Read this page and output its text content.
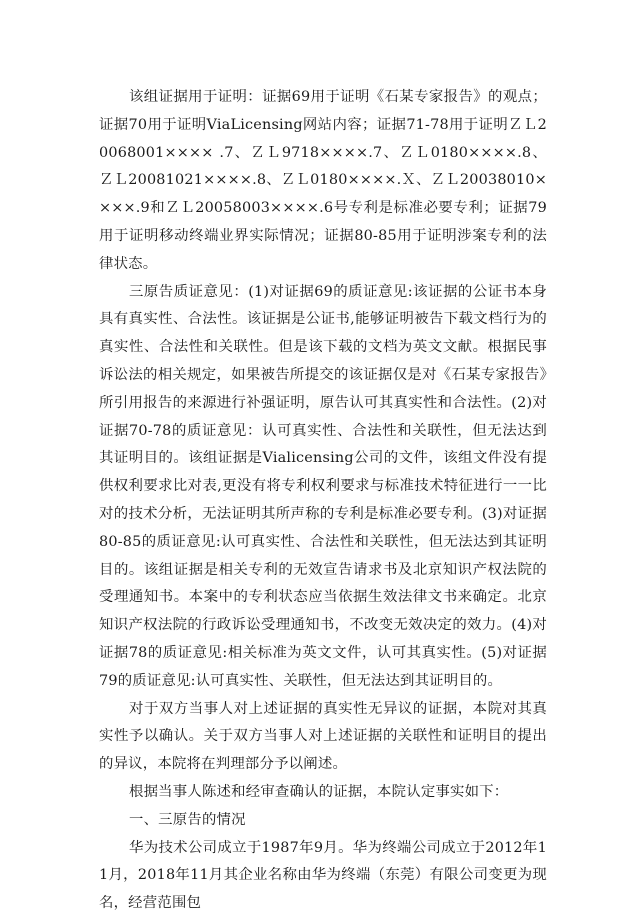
该组证据用于证明：证据69用于证明《石某专家报告》的观点；证据70用于证明ViaLicensing网站内容；证据71-78用于证明ＺＬ20068001×××× .7、ＺＬ9718××××.7、ＺＬ0180××××.8、ＺＬ20081021××××.8、ＺＬ0180××××.Ｘ、ＺＬ20038010××××.9和ＺＬ20058003××××.6号专利是标准必要专利；证据79用于证明移动终端业界实际情况；证据80-85用于证明涉案专利的法律状态。

三原告质证意见：(1)对证据69的质证意见:该证据的公证书本身具有真实性、合法性。该证据是公证书,能够证明被告下载文档行为的真实性、合法性和关联性。但是该下载的文档为英文文献。根据民事诉讼法的相关规定，如果被告所提交的该证据仅是对《石某专家报告》所引用报告的来源进行补强证明，原告认可其真实性和合法性。(2)对证据70-78的质证意见：认可真实性、合法性和关联性，但无法达到其证明目的。该组证据是Vialicensing公司的文件，该组文件没有提供权利要求比对表,更没有将专利权利要求与标准技术特征进行一一比对的技术分析，无法证明其所声称的专利是标准必要专利。(3)对证据80-85的质证意见:认可真实性、合法性和关联性，但无法达到其证明目的。该组证据是相关专利的无效宣告请求书及北京知识产权法院的受理通知书。本案中的专利状态应当依据生效法律文书来确定。北京知识产权法院的行政诉讼受理通知书，不改变无效决定的效力。(4)对证据78的质证意见:相关标准为英文文件，认可其真实性。(5)对证据79的质证意见:认可真实性、关联性，但无法达到其证明目的。

对于双方当事人对上述证据的真实性无异议的证据，本院对其真实性予以确认。关于双方当事人对上述证据的关联性和证明目的提出的异议，本院将在判理部分予以阐述。

根据当事人陈述和经审查确认的证据，本院认定事实如下：

一、三原告的情况

华为技术公司成立于1987年9月。华为终端公司成立于2012年11月，2018年11月其企业名称由华为终端（东莞）有限公司变更为现名，经营范围包
